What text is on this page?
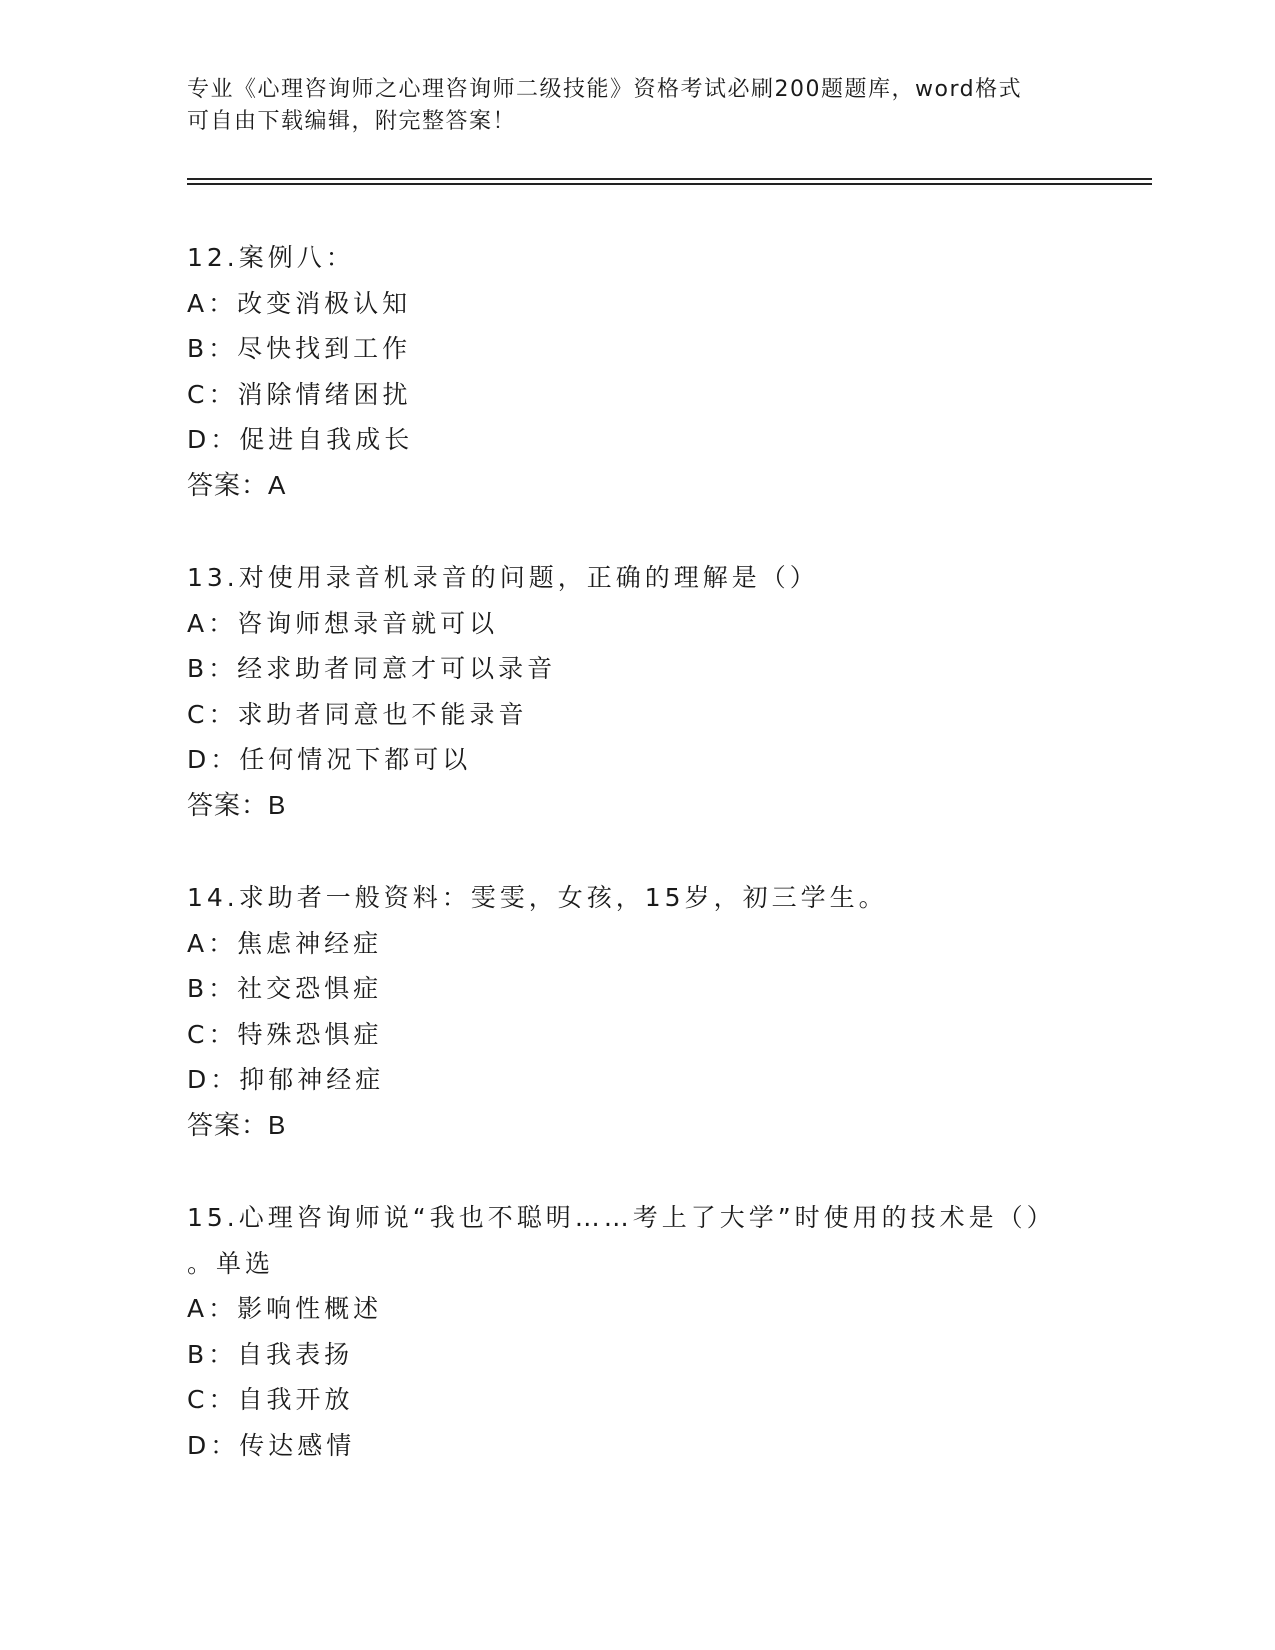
专业《心理咨询师之心理咨询师二级技能》资格考试必刷200题题库，word格式
可自由下载编辑，附完整答案！
12.案例八：
A：改变消极认知
B：尽快找到工作
C：消除情绪困扰
D：促进自我成长
答案：A
13.对使用录音机录音的问题，正确的理解是（）
A：咨询师想录音就可以
B：经求助者同意才可以录音
C：求助者同意也不能录音
D：任何情况下都可以
答案：B
14.求助者一般资料：雯雯，女孩，15岁，初三学生。
A：焦虑神经症
B：社交恐惧症
C：特殊恐惧症
D：抑郁神经症
答案：B
15.心理咨询师说“我也不聪明……考上了大学”时使用的技术是（）
。单选
A：影响性概述
B：自我表扬
C：自我开放
D：传达感情
